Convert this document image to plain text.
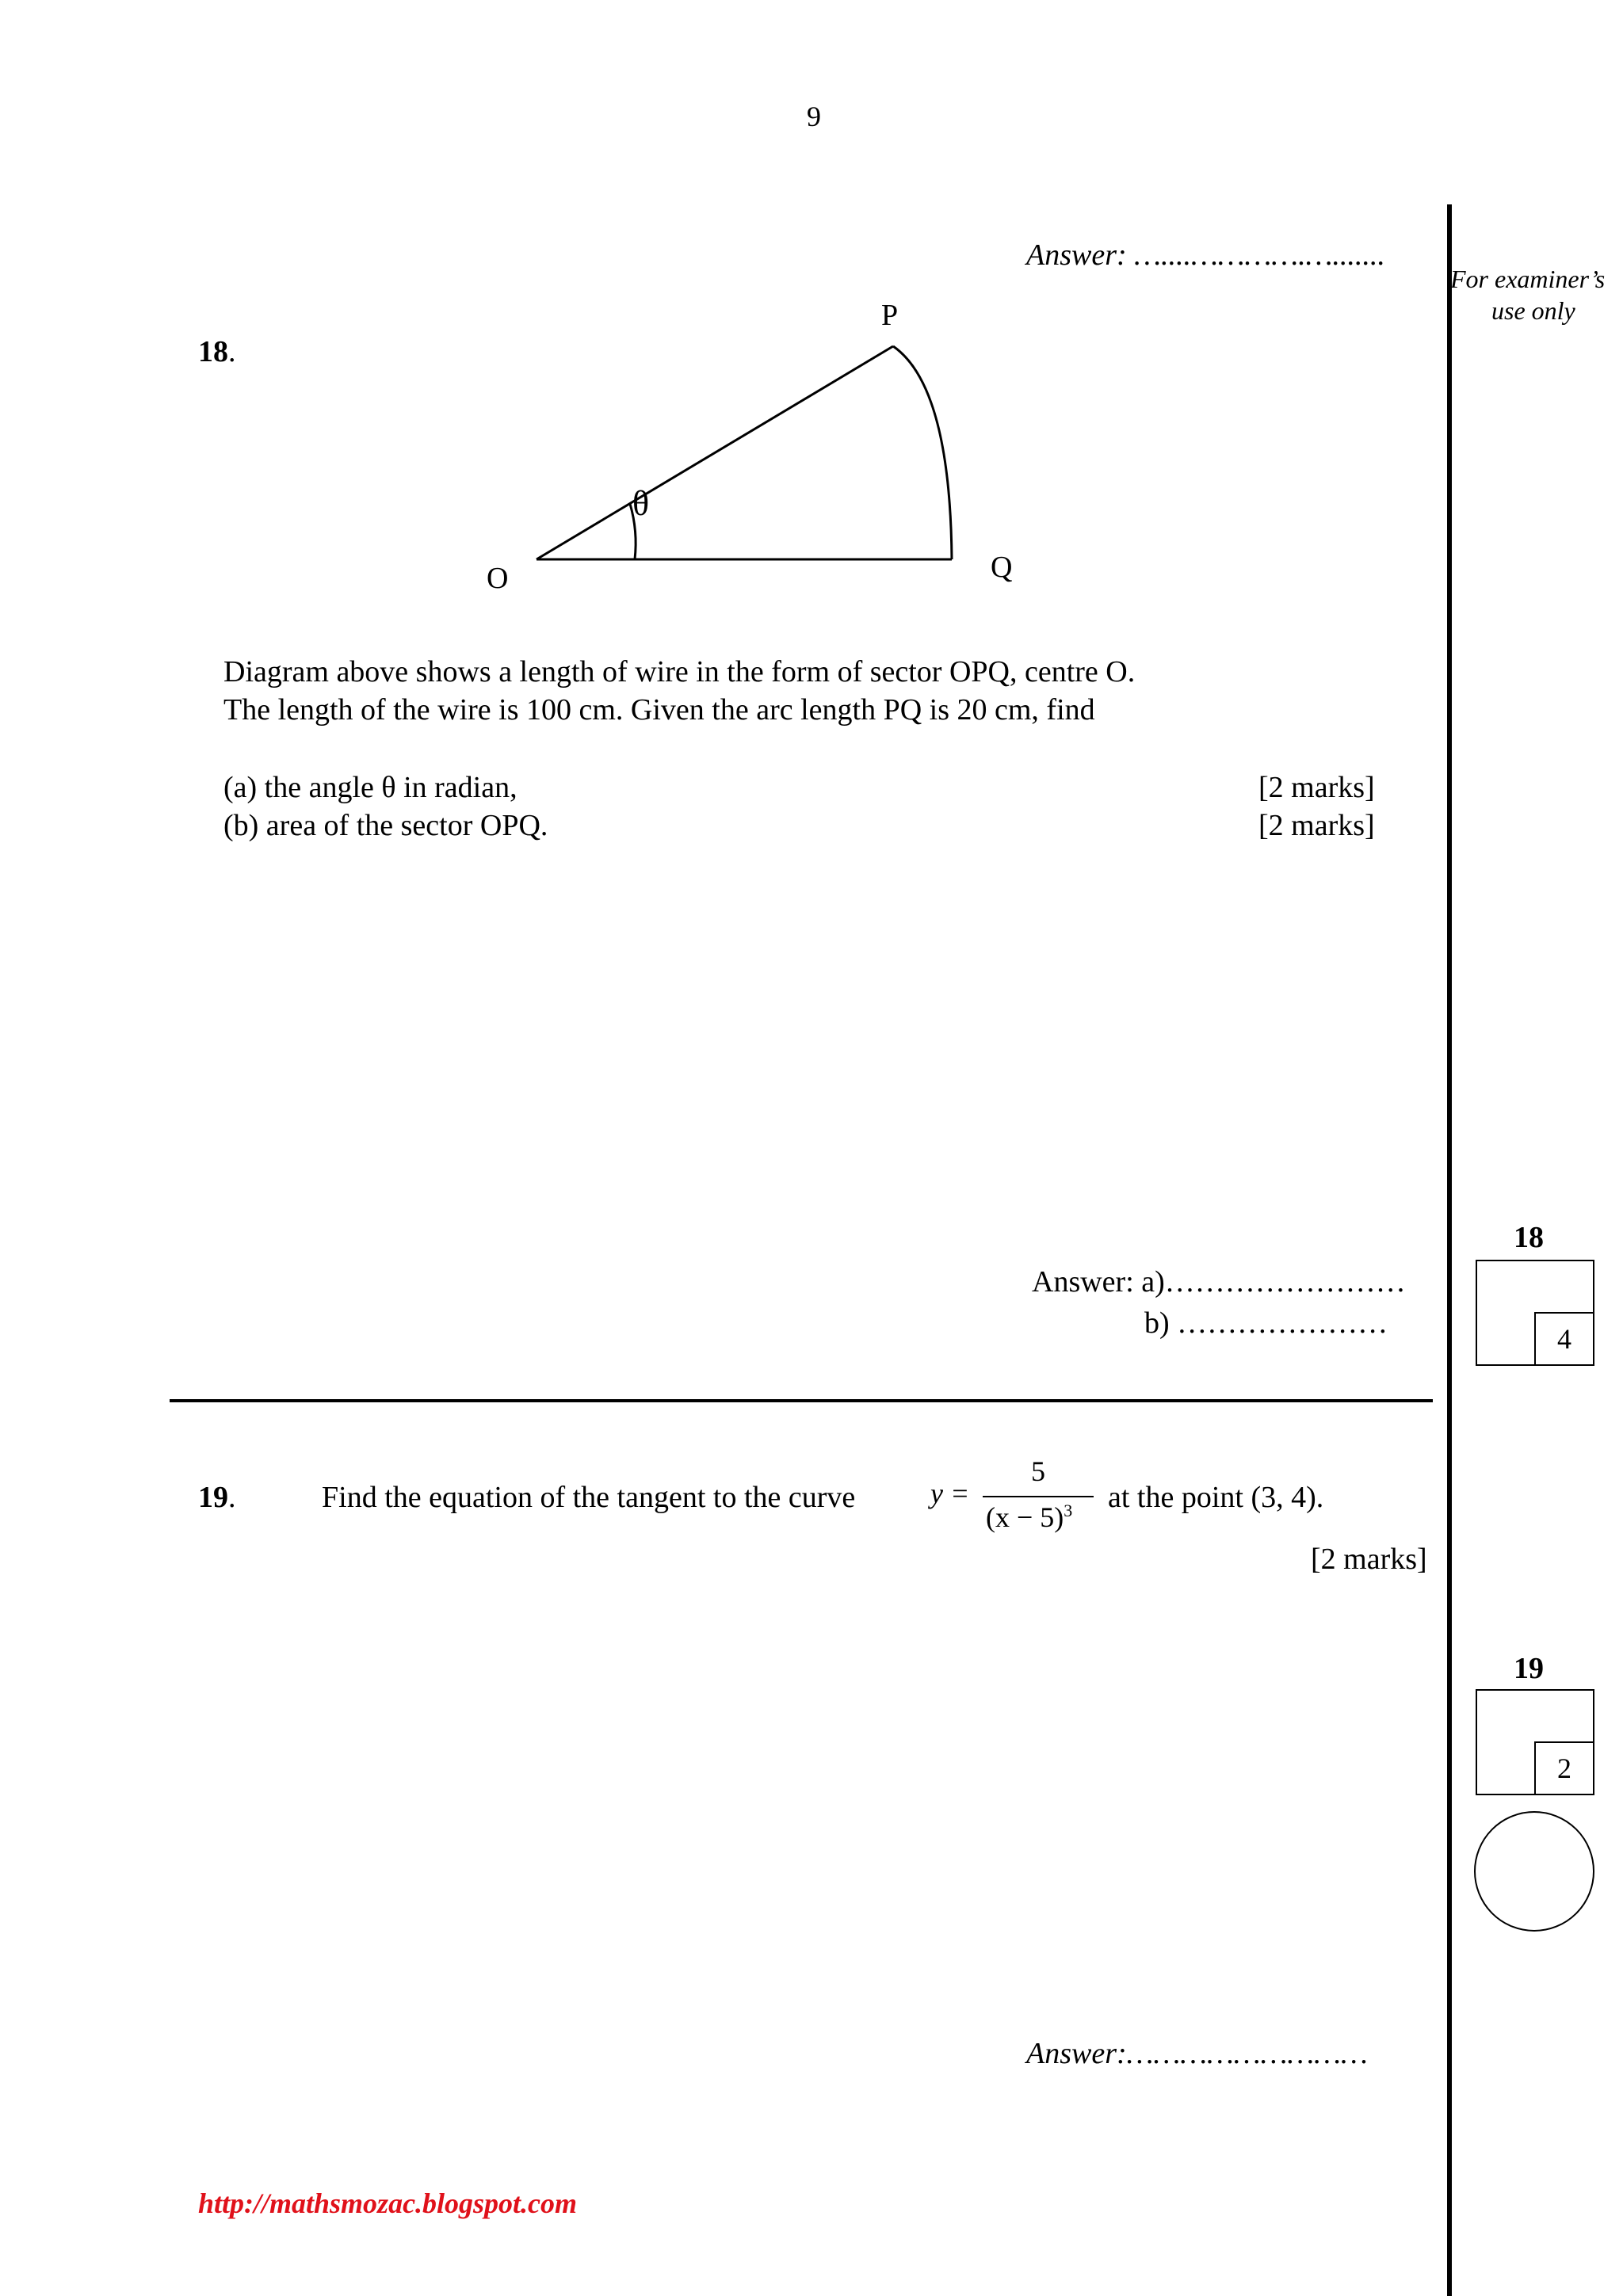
9
Answer: …....………….….......
For examiner’s
use only
18.
P
Q
O
θ
Diagram above shows a length of wire in the form of sector OPQ, centre O.
The length of the wire is 100 cm. Given the arc length PQ is 20 cm, find
(a) the angle θ in radian,
(b) area of the sector OPQ.
[2 marks]
[2 marks]
Answer: a)……………………
b) …………………
18
4
19.	Find the equation of the tangent to the curve	y =
5
$(x - 5)^3$ at the point (3, 4).
[2 marks]
19
2
Answer:………………………
http://mathsmozac.blogspot.com
